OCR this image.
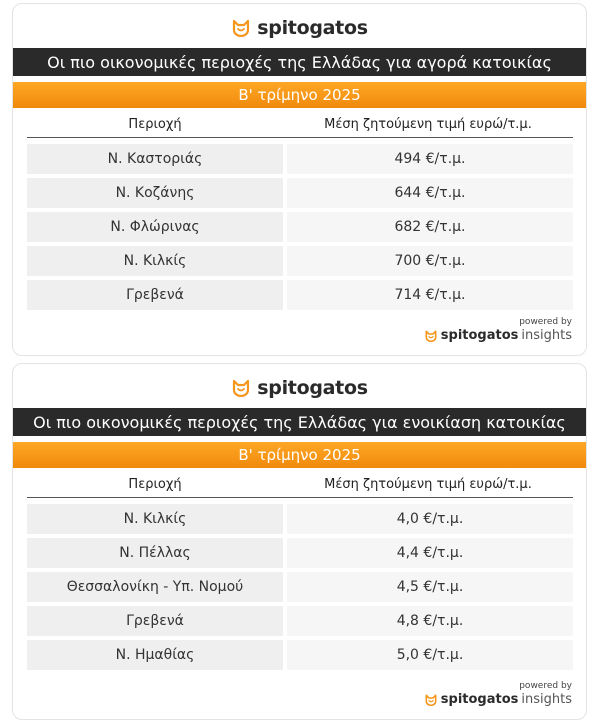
spitogatos
Οι πιο οικονομικές περιοχές της Ελλάδας για αγορά κατοικίας
Β' τρίμηνο 2025
Περιοχή	Μέση ζητούμενη τιμή ευρώ/τ.μ.
Ν. Καστοριάς	494 €/τ.μ.
Ν. Κοζάνης	644 €/τ.μ.
Ν. Φλώρινας	682 €/τ.μ.
Ν. Κιλκίς	700 €/τ.μ.
Γρεβενά	714 €/τ.μ.
powered by
spitogatos insights
spitogatos
Οι πιο οικονομικές περιοχές της Ελλάδας για ενοικίαση κατοικίας
Β' τρίμηνο 2025
Περιοχή	Μέση ζητούμενη τιμή ευρώ/τ.μ.
Ν. Κιλκίς	4,0 €/τ.μ.
Ν. Πέλλας	4,4 €/τ.μ.
Θεσσαλονίκη - Υπ. Νομού	4,5 €/τ.μ.
Γρεβενά	4,8 €/τ.μ.
Ν. Ημαθίας	5,0 €/τ.μ.
powered by
spitogatos insights
